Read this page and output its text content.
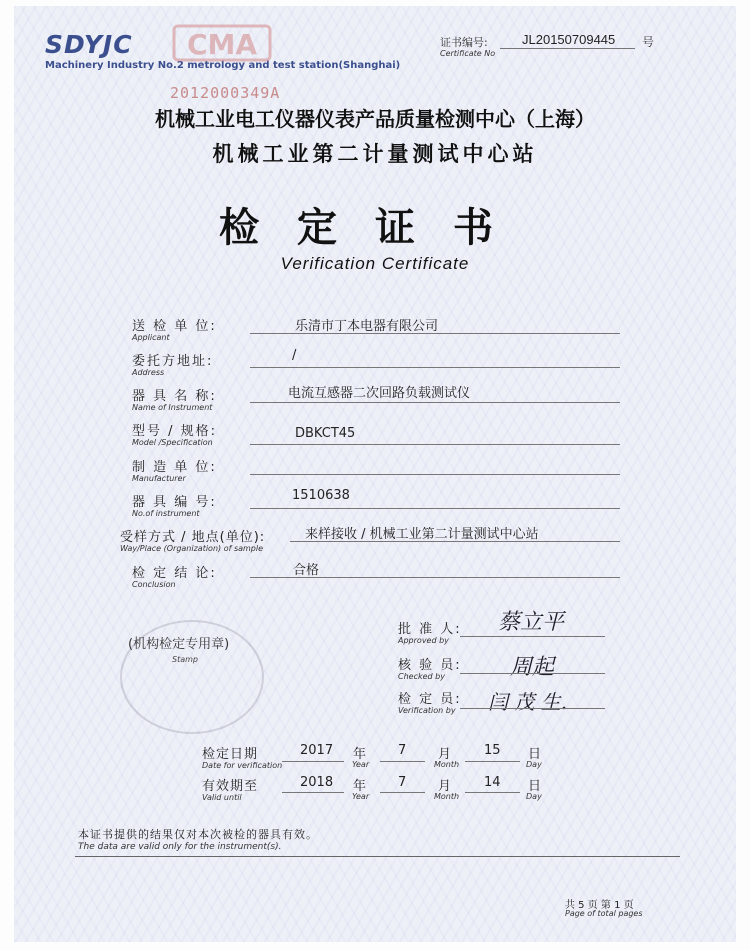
SDYJC
Machinery Industry No.2 metrology and test station(Shanghai)
CMA
2012000349A
证书编号:
Certificate No
JL20150709445 号
机械工业电工仪器仪表产品质量检测中心（上海）
机械工业第二计量测试中心站
检定证书
Verification Certificate
送 检 单 位:
Applicant
乐清市丁本电器有限公司
委托方地址:
Address
/
器 具 名 称:
Name of Instrument
电流互感器二次回路负载测试仪
型号 / 规格:
Model /Specification
DBKCT45
制 造 单 位:
Manufacturer
器 具 编 号:
No.of instrument
1510638
受样方式 / 地点(单位):
Way/Place (Organization) of sample
来样接收 / 机械工业第二计量测试中心站
检 定 结 论:
Conclusion
合格
(机构检定专用章)
Stamp
批 准 人:
Approved by
蔡立平
核 验 员:
Checked by	周起
检 定 员:
Verification by 闫 茂 生.
检定日期
Date for verification
2017 年
Year
7 月
Month
15 日
Day
有效期至
Valid until
2018 年
Year
7 月
Month
14 日
Day
本证书提供的结果仅对本次被检的器具有效。
The data are valid only for the instrument(s).
共 5 页 第 1 页
Page of total pages
